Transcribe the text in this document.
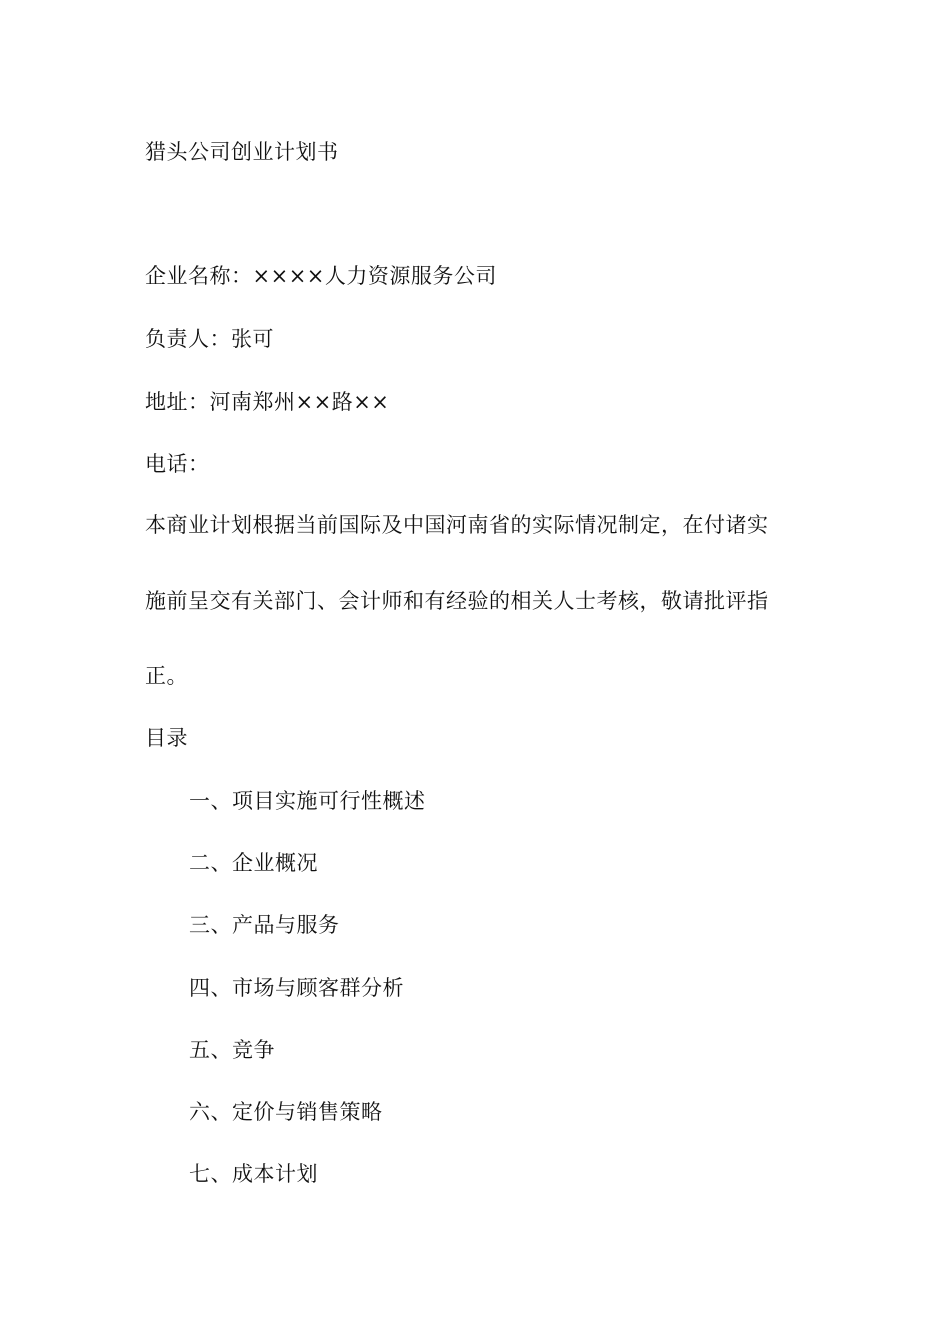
猎头公司创业计划书
企业名称：××××人力资源服务公司
负责人：张可
地址：河南郑州××路××
电话：
本商业计划根据当前国际及中国河南省的实际情况制定，在付诸实
施前呈交有关部门、会计师和有经验的相关人士考核，敬请批评指
正。
目录
一、项目实施可行性概述
二、企业概况
三、产品与服务
四、市场与顾客群分析
五、竞争
六、定价与销售策略
七、成本计划
